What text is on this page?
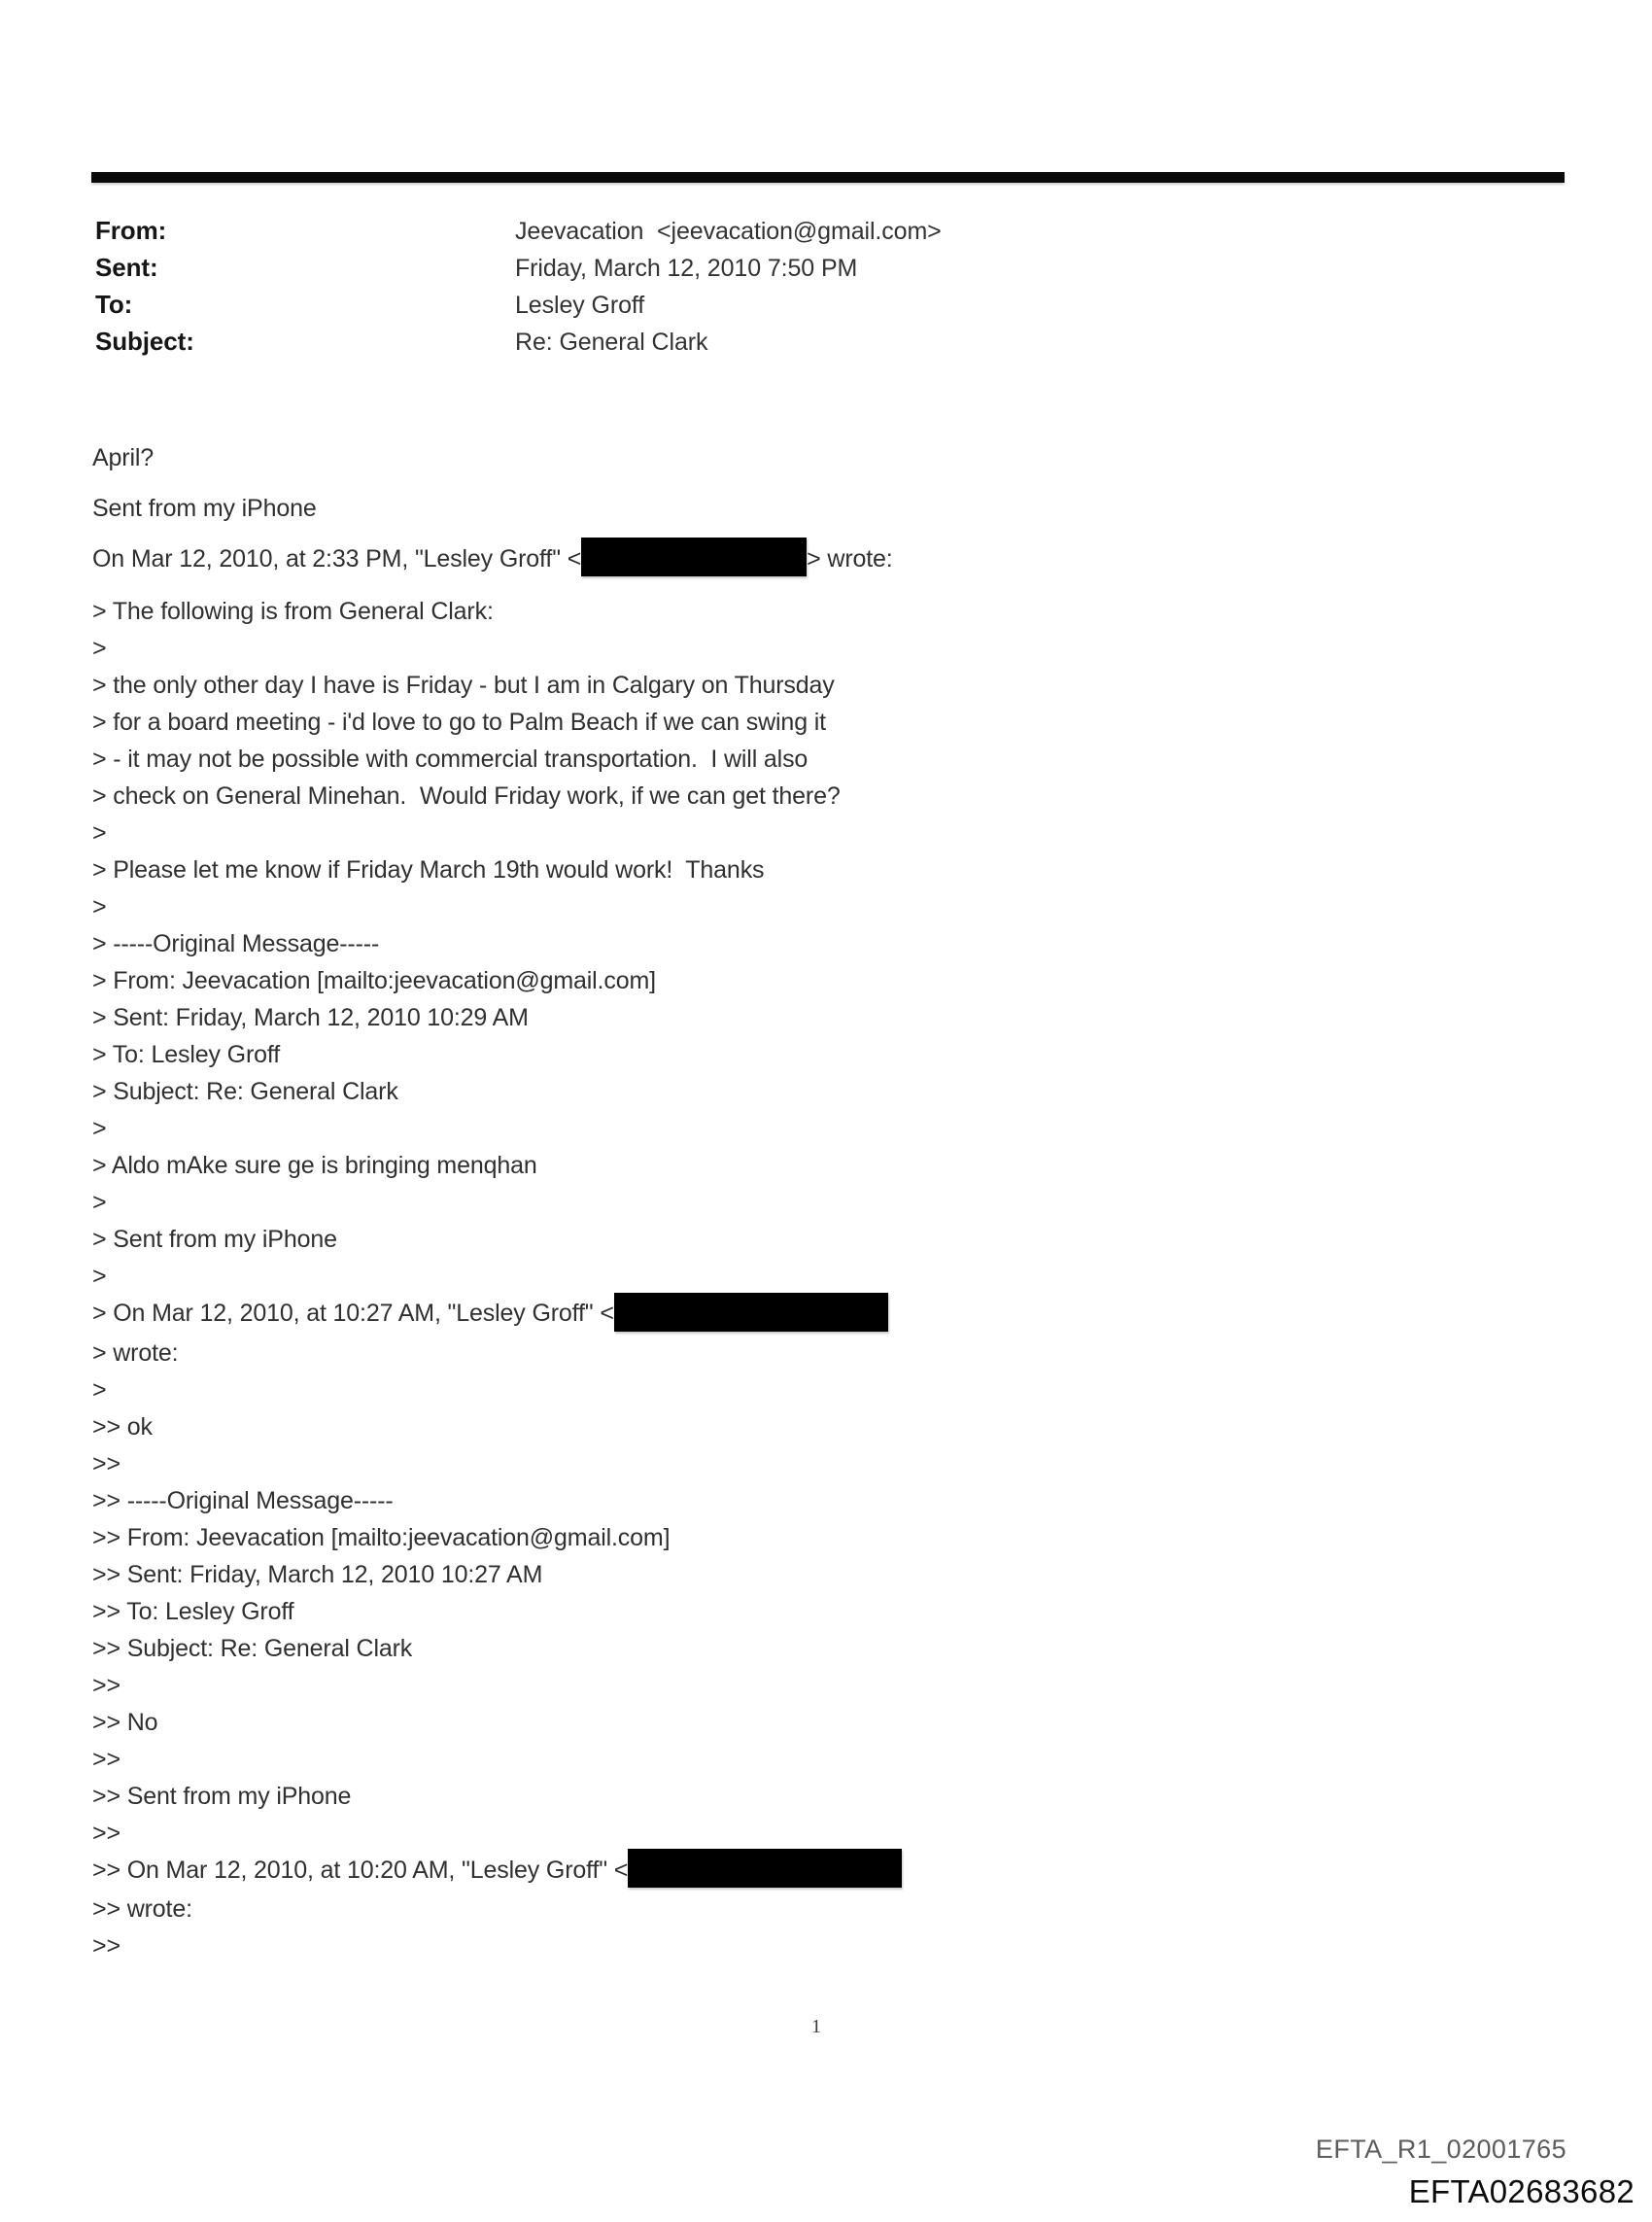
From:	Jeevacation  <jeevacation@gmail.com>
Sent:	Friday, March 12, 2010 7:50 PM
To:	Lesley Groff
Subject:	Re: General Clark
April?
Sent from my iPhone
On Mar 12, 2010, at 2:33 PM, "Lesley Groff" <	> wrote:
> The following is from General Clark:
>
> the only other day I have is Friday - but I am in Calgary on Thursday
> for a board meeting - i'd love to go to Palm Beach if we can swing it
> - it may not be possible with commercial transportation.  I will also
> check on General Minehan.  Would Friday work, if we can get there?
>
> Please let me know if Friday March 19th would work!  Thanks
>
> -----Original Message-----
> From: Jeevacation [mailto:jeevacation@gmail.com]
> Sent: Friday, March 12, 2010 10:29 AM
> To: Lesley Groff
> Subject: Re: General Clark
>
> Aldo mAke sure ge is bringing menqhan
>
> Sent from my iPhone
>
> On Mar 12, 2010, at 10:27 AM, "Lesley Groff" <
> wrote:
>
>> ok
>>
>> -----Original Message-----
>> From: Jeevacation [mailto:jeevacation@gmail.com]
>> Sent: Friday, March 12, 2010 10:27 AM
>> To: Lesley Groff
>> Subject: Re: General Clark
>>
>> No
>>
>> Sent from my iPhone
>>
>> On Mar 12, 2010, at 10:20 AM, "Lesley Groff" <
>> wrote:
>>
1
EFTA_R1_02001765
EFTA02683682
